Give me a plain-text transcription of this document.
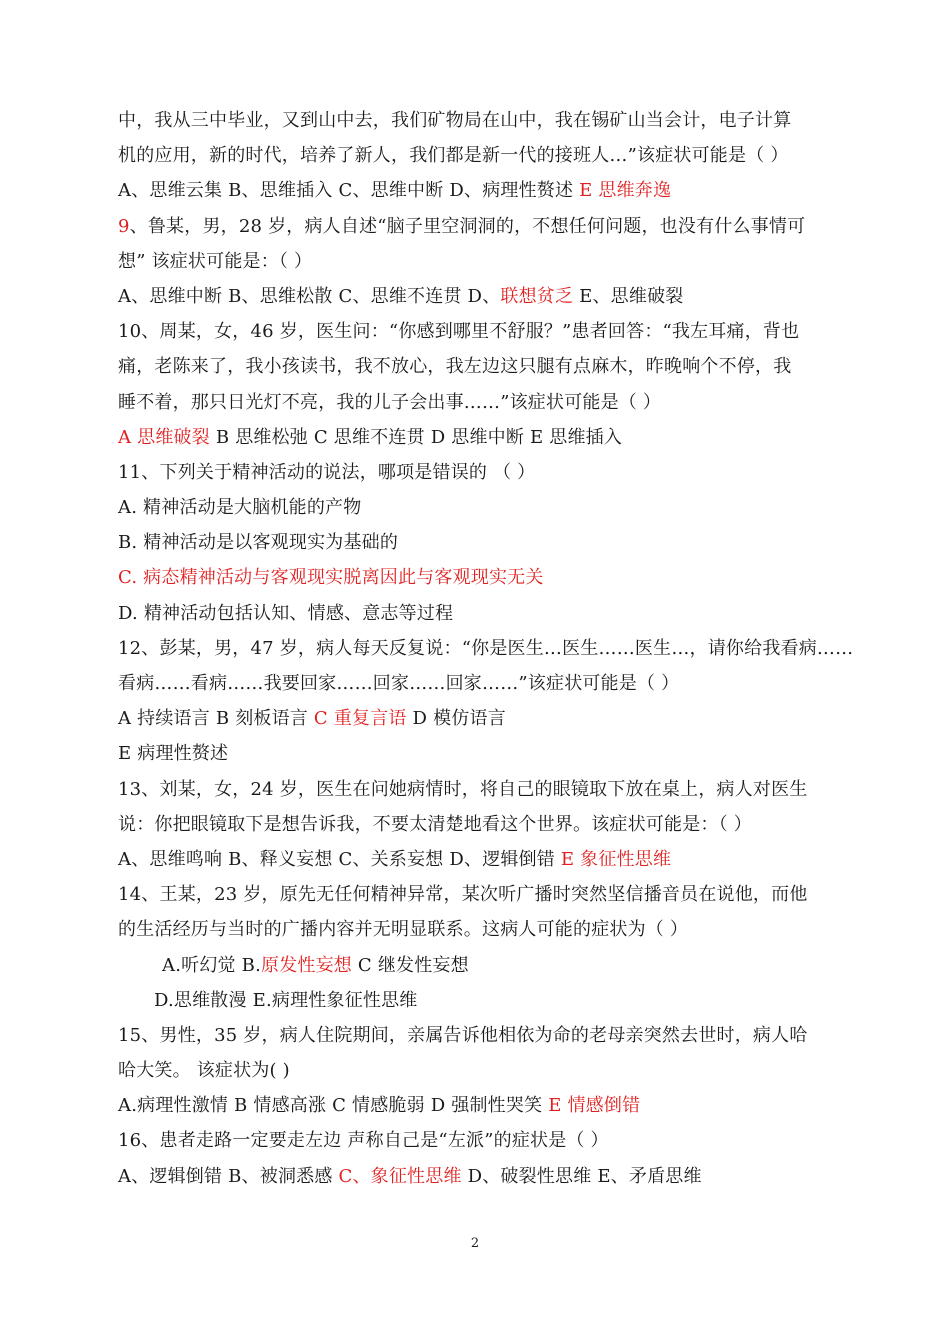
中，我从三中毕业，又到山中去，我们矿物局在山中，我在锡矿山当会计，电子计算
机的应用，新的时代，培养了新人，我们都是新一代的接班人…”该症状可能是（ ）
A、思维云集 B、思维插入 C、思维中断 D、病理性赘述 E 思维奔逸
9、鲁某，男，28 岁，病人自述“脑子里空洞洞的，不想任何问题，也没有什么事情可
想” 该症状可能是：（ ）
A、思维中断 B、思维松散 C、思维不连贯 D、联想贫乏 E、思维破裂
10、周某，女，46 岁，医生问：“你感到哪里不舒服？”患者回答：“我左耳痛，背也
痛，老陈来了，我小孩读书，我不放心，我左边这只腿有点麻木，昨晚响个不停，我
睡不着，那只日光灯不亮，我的儿子会出事……”该症状可能是（ ）
A 思维破裂 B 思维松弛 C 思维不连贯 D 思维中断 E 思维插入
11、下列关于精神活动的说法，哪项是错误的 （ ）
A. 精神活动是大脑机能的产物
B. 精神活动是以客观现实为基础的
C. 病态精神活动与客观现实脱离因此与客观现实无关
D. 精神活动包括认知、情感、意志等过程
12、彭某，男，47 岁，病人每天反复说：“你是医生…医生……医生…，请你给我看病……
看病……看病……我要回家……回家……回家……”该症状可能是（ ）
A 持续语言 B 刻板语言 C 重复言语 D 模仿语言
E 病理性赘述
13、刘某，女，24 岁，医生在问她病情时，将自己的眼镜取下放在桌上，病人对医生
说：你把眼镜取下是想告诉我，不要太清楚地看这个世界。该症状可能是：（ ）
A、思维鸣响 B、释义妄想 C、关系妄想 D、逻辑倒错 E 象征性思维
14、王某，23 岁，原先无任何精神异常，某次听广播时突然坚信播音员在说他，而他
的生活经历与当时的广播内容并无明显联系。这病人可能的症状为（ ）
A.听幻觉 B.原发性妄想 C 继发性妄想
D.思维散漫 E.病理性象征性思维
15、男性，35 岁，病人住院期间，亲属告诉他相依为命的老母亲突然去世时，病人哈
哈大笑。 该症状为( )
A.病理性激情 B 情感高涨 C 情感脆弱 D 强制性哭笑 E 情感倒错
16、患者走路一定要走左边 声称自己是“左派”的症状是（ ）
A、逻辑倒错 B、被洞悉感 C、象征性思维 D、破裂性思维 E、矛盾思维
2
